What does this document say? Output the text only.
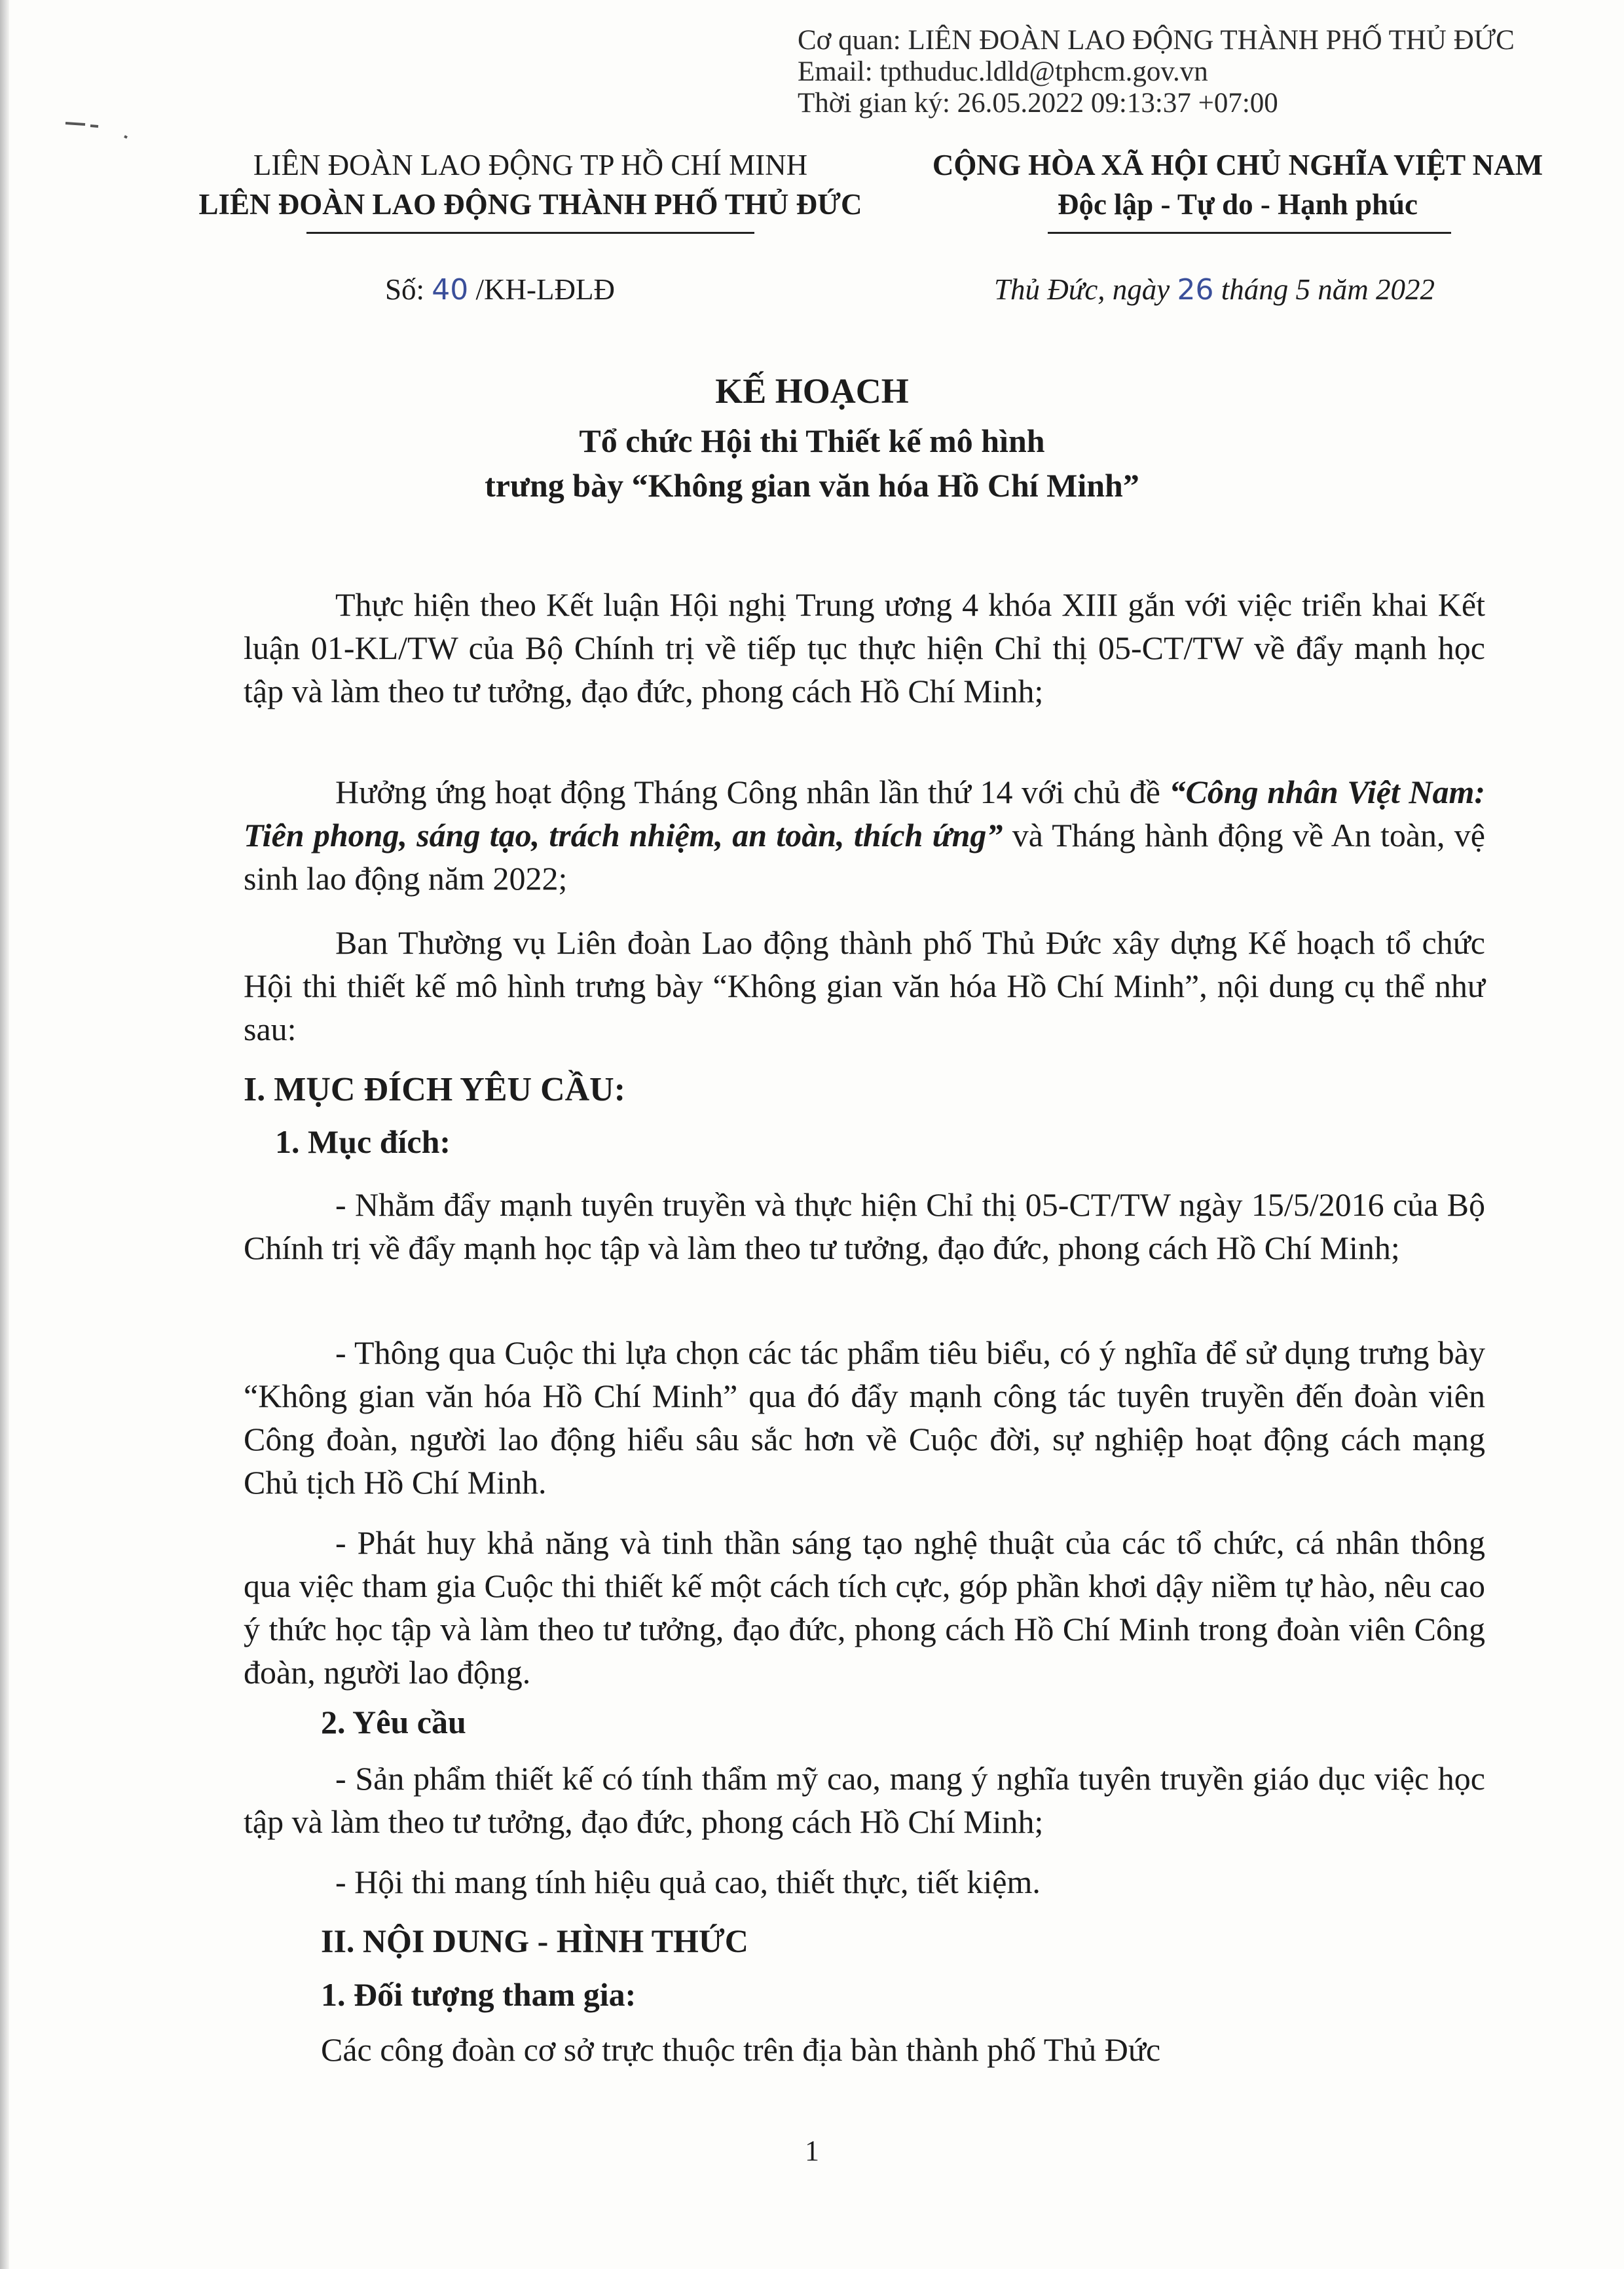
Cơ quan: LIÊN ĐOÀN LAO ĐỘNG THÀNH PHỐ THỦ ĐỨC
Email: tpthuduc.ldld@tphcm.gov.vn
Thời gian ký: 26.05.2022 09:13:37 +07:00
LIÊN ĐOÀN LAO ĐỘNG TP HỒ CHÍ MINH
LIÊN ĐOÀN LAO ĐỘNG THÀNH PHỐ THỦ ĐỨC
CỘNG HÒA XÃ HỘI CHỦ NGHĨA VIỆT NAM
Độc lập - Tự do - Hạnh phúc
Số: 40 /KH-LĐLĐ	Thủ Đức, ngày 26 tháng 5 năm 2022
KẾ HOẠCH
Tổ chức Hội thi Thiết kế mô hình
trưng bày “Không gian văn hóa Hồ Chí Minh”
Thực hiện theo Kết luận Hội nghị Trung ương 4 khóa XIII gắn với việc triển khai Kết luận 01-KL/TW của Bộ Chính trị về tiếp tục thực hiện Chỉ thị 05-CT/TW về đẩy mạnh học tập và làm theo tư tưởng, đạo đức, phong cách Hồ Chí Minh;
Hưởng ứng hoạt động Tháng Công nhân lần thứ 14 với chủ đề “Công nhân Việt Nam: Tiên phong, sáng tạo, trách nhiệm, an toàn, thích ứng” và Tháng hành động về An toàn, vệ sinh lao động năm 2022;
Ban Thường vụ Liên đoàn Lao động thành phố Thủ Đức xây dựng Kế hoạch tổ chức Hội thi thiết kế mô hình trưng bày “Không gian văn hóa Hồ Chí Minh”, nội dung cụ thể như sau:
I. MỤC ĐÍCH YÊU CẦU:
1. Mục đích:
- Nhằm đẩy mạnh tuyên truyền và thực hiện Chỉ thị 05-CT/TW ngày 15/5/2016 của Bộ Chính trị về đẩy mạnh học tập và làm theo tư tưởng, đạo đức, phong cách Hồ Chí Minh;
- Thông qua Cuộc thi lựa chọn các tác phẩm tiêu biểu, có ý nghĩa để sử dụng trưng bày “Không gian văn hóa Hồ Chí Minh” qua đó đẩy mạnh công tác tuyên truyền đến đoàn viên Công đoàn, người lao động hiểu sâu sắc hơn về Cuộc đời, sự nghiệp hoạt động cách mạng Chủ tịch Hồ Chí Minh.
- Phát huy khả năng và tinh thần sáng tạo nghệ thuật của các tổ chức, cá nhân thông qua việc tham gia Cuộc thi thiết kế một cách tích cực, góp phần khơi dậy niềm tự hào, nêu cao ý thức học tập và làm theo tư tưởng, đạo đức, phong cách Hồ Chí Minh trong đoàn viên Công đoàn, người lao động.
2. Yêu cầu
- Sản phẩm thiết kế có tính thẩm mỹ cao, mang ý nghĩa tuyên truyền giáo dục việc học tập và làm theo tư tưởng, đạo đức, phong cách Hồ Chí Minh;
- Hội thi mang tính hiệu quả cao, thiết thực, tiết kiệm.
II. NỘI DUNG - HÌNH THỨC
1. Đối tượng tham gia:
Các công đoàn cơ sở trực thuộc trên địa bàn thành phố Thủ Đức
1
